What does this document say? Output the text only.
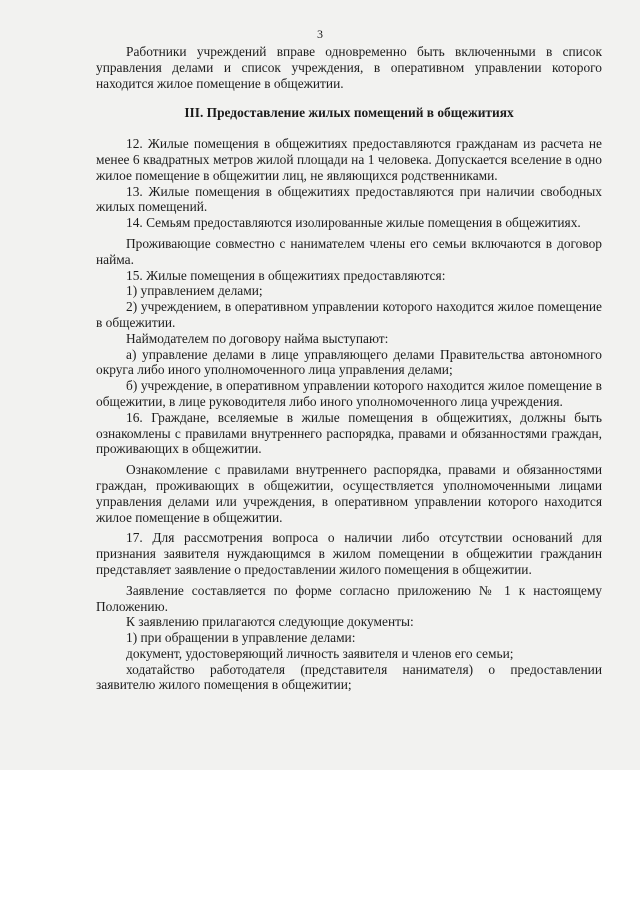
3

Работники учреждений вправе одновременно быть включенными в список управления делами и список учреждения, в оперативном управлении которого находится жилое помещение в общежитии.

III. Предоставление жилых помещений в общежитиях

12. Жилые помещения в общежитиях предоставляются гражданам из расчета не менее 6 квадратных метров жилой площади на 1 человека. Допускается вселение в одно жилое помещение в общежитии лиц, не являющихся родственниками.

13. Жилые помещения в общежитиях предоставляются при наличии свободных жилых помещений.

14. Семьям предоставляются изолированные жилые помещения в общежитиях.

Проживающие совместно с нанимателем члены его семьи включаются в договор найма.

15. Жилые помещения в общежитиях предоставляются:

1) управлением делами;

2) учреждением, в оперативном управлении которого находится жилое помещение в общежитии.

Наймодателем по договору найма выступают:

а) управление делами в лице управляющего делами Правительства автономного округа либо иного уполномоченного лица управления делами;

б) учреждение, в оперативном управлении которого находится жилое помещение в общежитии, в лице руководителя либо иного уполномоченного лица учреждения.

16. Граждане, вселяемые в жилые помещения в общежитиях, должны быть ознакомлены с правилами внутреннего распорядка, правами и обязанностями граждан, проживающих в общежитии.

Ознакомление с правилами внутреннего распорядка, правами и обязанностями граждан, проживающих в общежитии, осуществляется уполномоченными лицами управления делами или учреждения, в оперативном управлении которого находится жилое помещение в общежитии.

17. Для рассмотрения вопроса о наличии либо отсутствии оснований для признания заявителя нуждающимся в жилом помещении в общежитии гражданин представляет заявление о предоставлении жилого помещения в общежитии.

Заявление составляется по форме согласно приложению № 1 к настоящему Положению.

К заявлению прилагаются следующие документы:

1) при обращении в управление делами:

документ, удостоверяющий личность заявителя и членов его семьи;

ходатайство работодателя (представителя нанимателя) о предоставлении заявителю жилого помещения в общежитии;
